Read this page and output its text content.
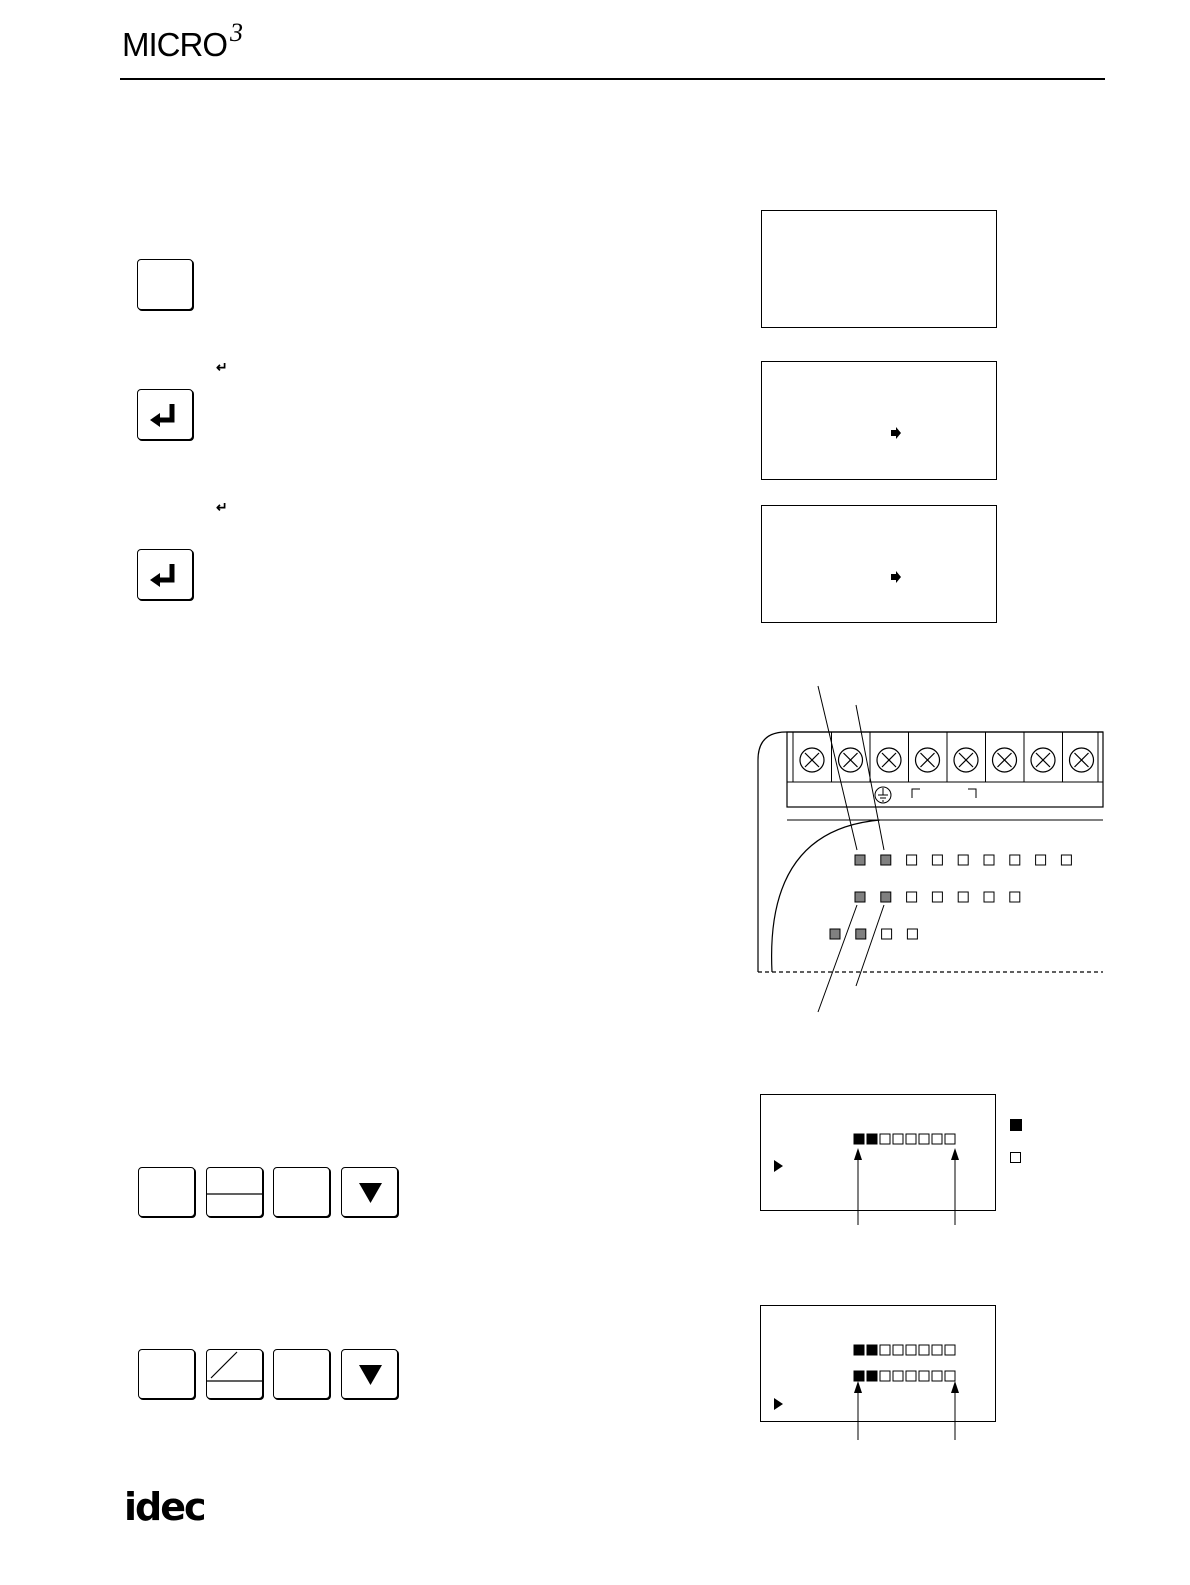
MICRO 3
↵
↵
idec
